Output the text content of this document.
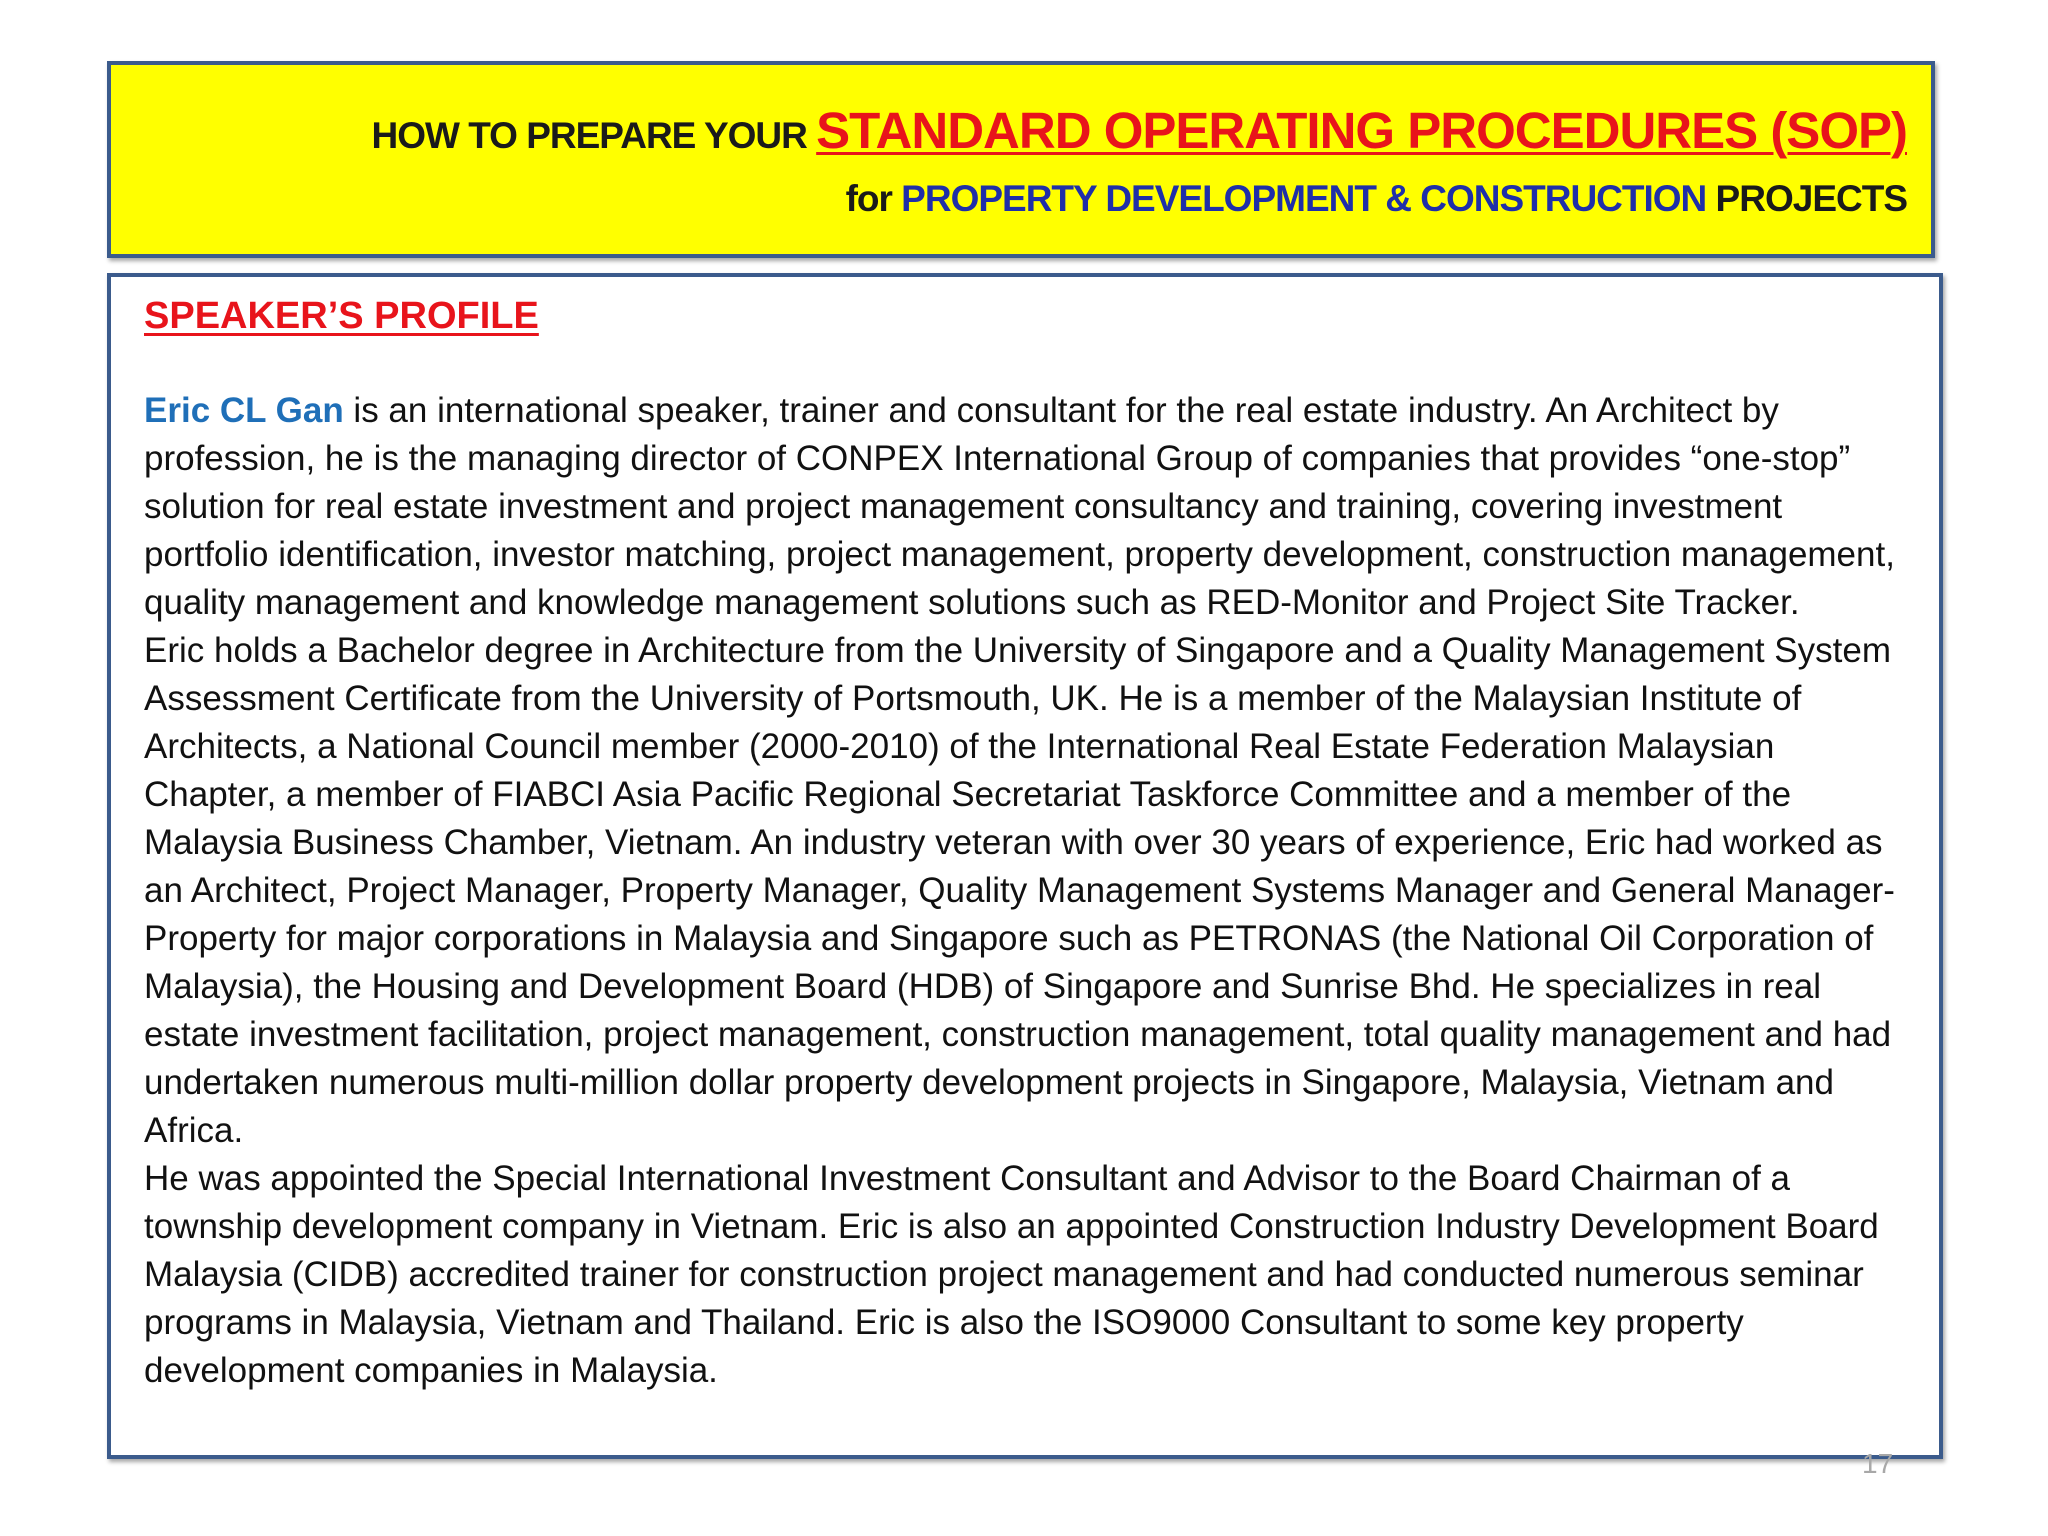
HOW TO PREPARE YOUR STANDARD OPERATING PROCEDURES (SOP)
for PROPERTY DEVELOPMENT & CONSTRUCTION PROJECTS
SPEAKER’S PROFILE

Eric CL Gan is an international speaker, trainer and consultant for the real estate industry. An Architect by profession, he is the managing director of CONPEX International Group of companies that provides “one-stop” solution for real estate investment and project management consultancy and training, covering investment portfolio identification, investor matching, project management, property development, construction management, quality management and knowledge management solutions such as RED-Monitor and Project Site Tracker.

Eric holds a Bachelor degree in Architecture from the University of Singapore and a Quality Management System Assessment Certificate from the University of Portsmouth, UK. He is a member of the Malaysian Institute of Architects, a National Council member (2000-2010) of the International Real Estate Federation Malaysian Chapter, a member of FIABCI Asia Pacific Regional Secretariat Taskforce Committee and a member of the Malaysia Business Chamber, Vietnam. An industry veteran with over 30 years of experience, Eric had worked as an Architect, Project Manager, Property Manager, Quality Management Systems Manager and General Manager-Property for major corporations in Malaysia and Singapore such as PETRONAS (the National Oil Corporation of Malaysia), the Housing and Development Board (HDB) of Singapore and Sunrise Bhd. He specializes in real estate investment facilitation, project management, construction management, total quality management and had undertaken numerous multi-million dollar property development projects in Singapore, Malaysia, Vietnam and Africa.

He was appointed the Special International Investment Consultant and Advisor to the Board Chairman of a township development company in Vietnam. Eric is also an appointed Construction Industry Development Board Malaysia (CIDB) accredited trainer for construction project management and had conducted numerous seminar programs in Malaysia, Vietnam and Thailand. Eric is also the ISO9000 Consultant to some key property development companies in Malaysia.

17
